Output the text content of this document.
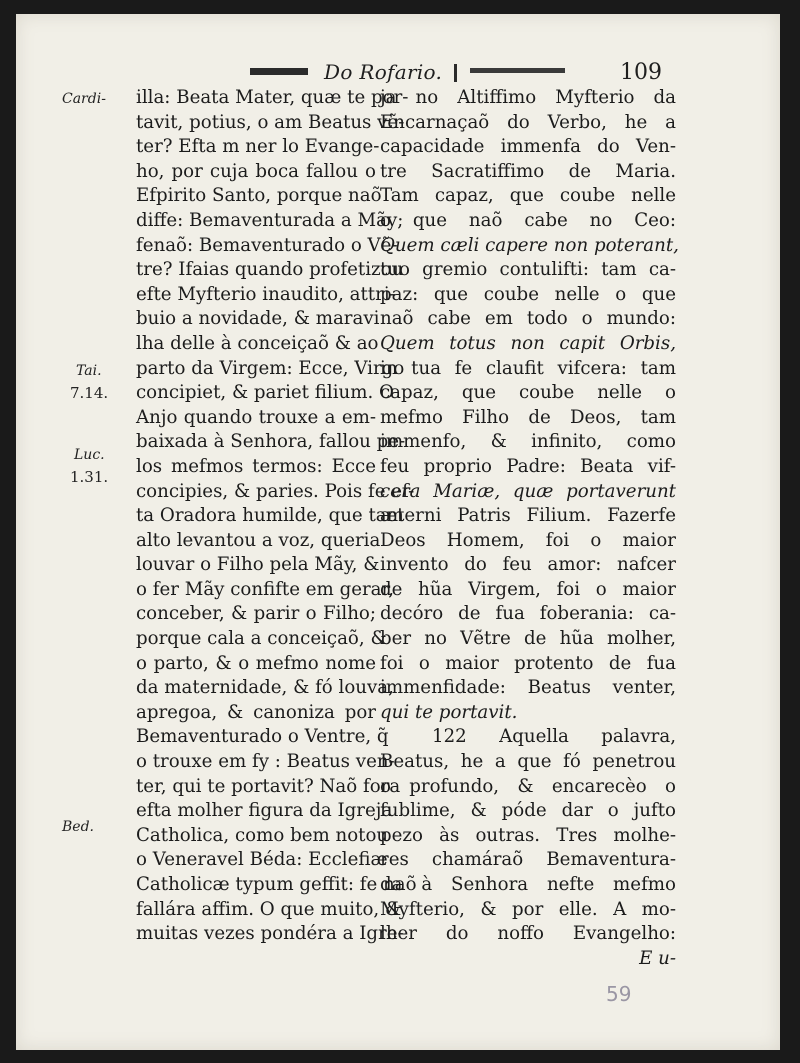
Do Rofario.	109
Cardi-
Tai.
7.14.
Luc.
1.31.
Bed.
illa: Beata Mater, quæ te por-
tavit, potius, o am Beatus vẽ-
ter? Efta m ner lo Evange-
ho, por cuja boca fallou o
Efpirito Santo, porque naõ
diffe: Bemaventurada a Mãy;
fenaõ: Bemaventurado o Vẽ-
tre? Ifaias quando profetizou
efte Myfterio inaudito, attri-
buio a novidade, & maravi
lha delle à conceiçaõ & ao
parto da Virgem: Ecce, Virgo
concipiet, & pariet filium. O
Anjo quando trouxe a em-
baixada à Senhora, fallou pe-
los mefmos termos: Ecce
concipies, & paries. Pois fe ef-
ta Oradora humilde, que tam
alto levantou a voz, queria
louvar o Filho pela Mãy, &
o fer Mãy confifte em gerar,
conceber, & parir o Filho;
porque cala a conceiçaõ, &
o parto, & o mefmo nome
da maternidade, & fó louva,
apregoa, & canoniza por
Bemaventurado o Ventre, q̃
o trouxe em fy : Beatus ven-
ter, qui te portavit? Naõ fora
efta molher figura da Igreja
Catholica, como bem notou
o Veneravel Béda: Ecclefiæ
Catholicæ typum geffit: fe naõ
fallára affim. O que muito, &
muitas vezes pondéra a Igre-
ja no Altiffimo Myfterio da
Encarnaçaõ do Verbo, he a
capacidade immenfa do Ven-
tre Sacratiffimo de Maria.
Tam capaz, que coube nelle
o que naõ cabe no Ceo:
Quem cæli capere non poterant,
tuo gremio contulifti: tam ca-
paz: que coube nelle o que
naõ cabe em todo o mundo:
Quem totus non capit Orbis,
in tua fe claufit vifcera: tam
capaz, que coube nelle o
mefmo Filho de Deos, tam
immenfo, & infinito, como
feu proprio Padre: Beata vif-
cera Mariæ, quæ portaverunt
æterni Patris Filium. Fazerfe
Deos Homem, foi o maior
invento do feu amor: nafcer
de hũa Virgem, foi o maior
decóro de fua foberania: ca-
ber no Vẽtre de hũa molher,
foi o maior protento de fua
immenfidade: Beatus venter,
qui te portavit.
122 Aquella palavra,
Beatus, he a que fó penetrou
o profundo, & encarecèo o
fublime, & póde dar o jufto
pezo às outras. Tres molhe-
res chamáraõ Bemaventura-
da à Senhora nefte mefmo
Myfterio, & por elle. A mo-
lher do noffo Evangelho:
E u-
59
